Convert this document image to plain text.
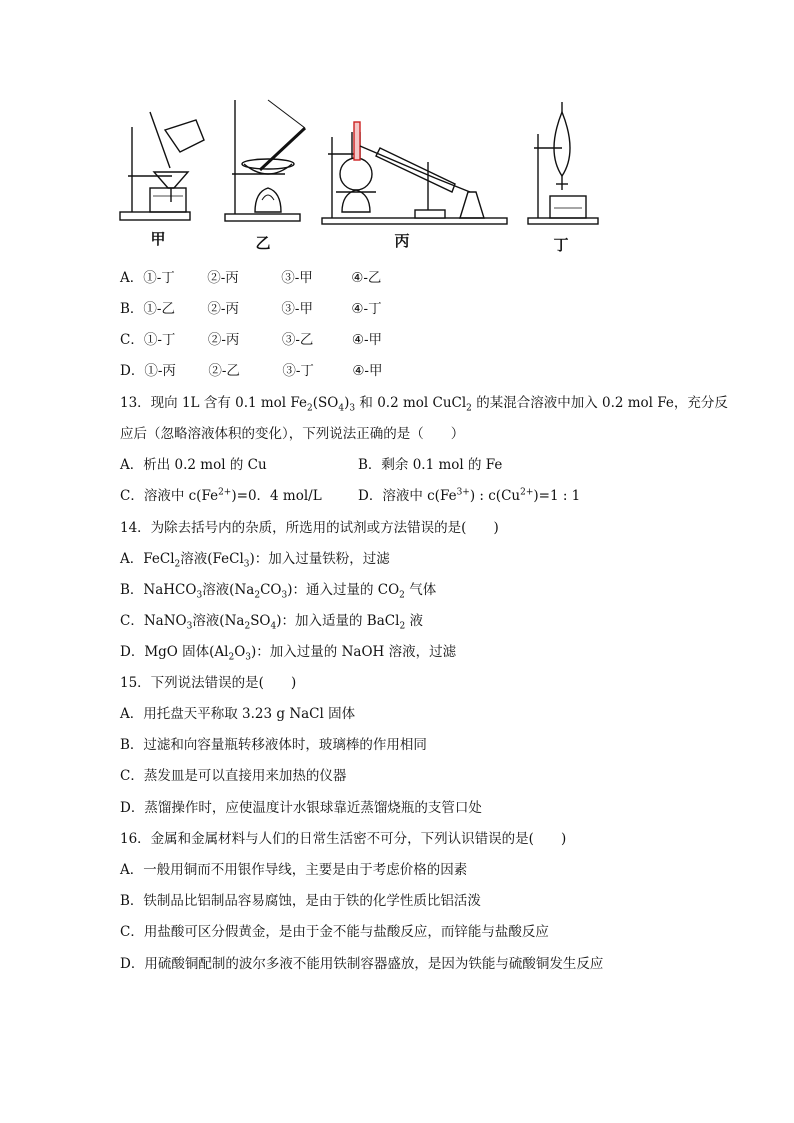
甲	乙	丙	丁
A．①-丁 ②-丙	③-甲	④-乙
B．①-乙 ②-丙	③-甲	④-丁
C．①-丁 ②-丙	③-乙	④-甲
D．①-丙 ②-乙	③-丁	④-甲
13．现向 1L 含有 0.1 mol $Fe_2(SO_4)_3$ 和 0.2 mol CuCl$_2$ 的某混合溶液中加入 0.2 mol Fe，充分反
应后（忽略溶液体积的变化），下列说法正确的是（　　）
A．析出 0.2 mol 的 Cu	B．剩余 0.1 mol 的 Fe
C．溶液中 $c(Fe^{2+})=0$．4 mol/L	D．溶液中 $c(Fe^{3+})$ : $c(Cu^{2+})=1$ : 1
14．为除去括号内的杂质，所选用的试剂或方法错误的是(　　)
A．FeCl$_2$溶液(FeCl$_3$)：加入过量铁粉，过滤
B．NaHCO$_3$溶液$(Na_2CO_3)$：通入过量的 $CO_2$ 气体
C．NaNO$_3$溶液$(Na_2SO_4)$：加入适量的 BaCl$_2$ 液
D．MgO 固体$(Al_2O_3)$：加入过量的 NaOH 溶液，过滤
15．下列说法错误的是(　　)
A．用托盘天平称取 3.23 g NaCl 固体
B．过滤和向容量瓶转移液体时，玻璃棒的作用相同
C．蒸发皿是可以直接用来加热的仪器
D．蒸馏操作时，应使温度计水银球靠近蒸馏烧瓶的支管口处
16．金属和金属材料与人们的日常生活密不可分，下列认识错误的是(　　)
A．一般用铜而不用银作导线，主要是由于考虑价格的因素
B．铁制品比铝制品容易腐蚀，是由于铁的化学性质比铝活泼
C．用盐酸可区分假黄金，是由于金不能与盐酸反应，而锌能与盐酸反应
D．用硫酸铜配制的波尔多液不能用铁制容器盛放，是因为铁能与硫酸铜发生反应
